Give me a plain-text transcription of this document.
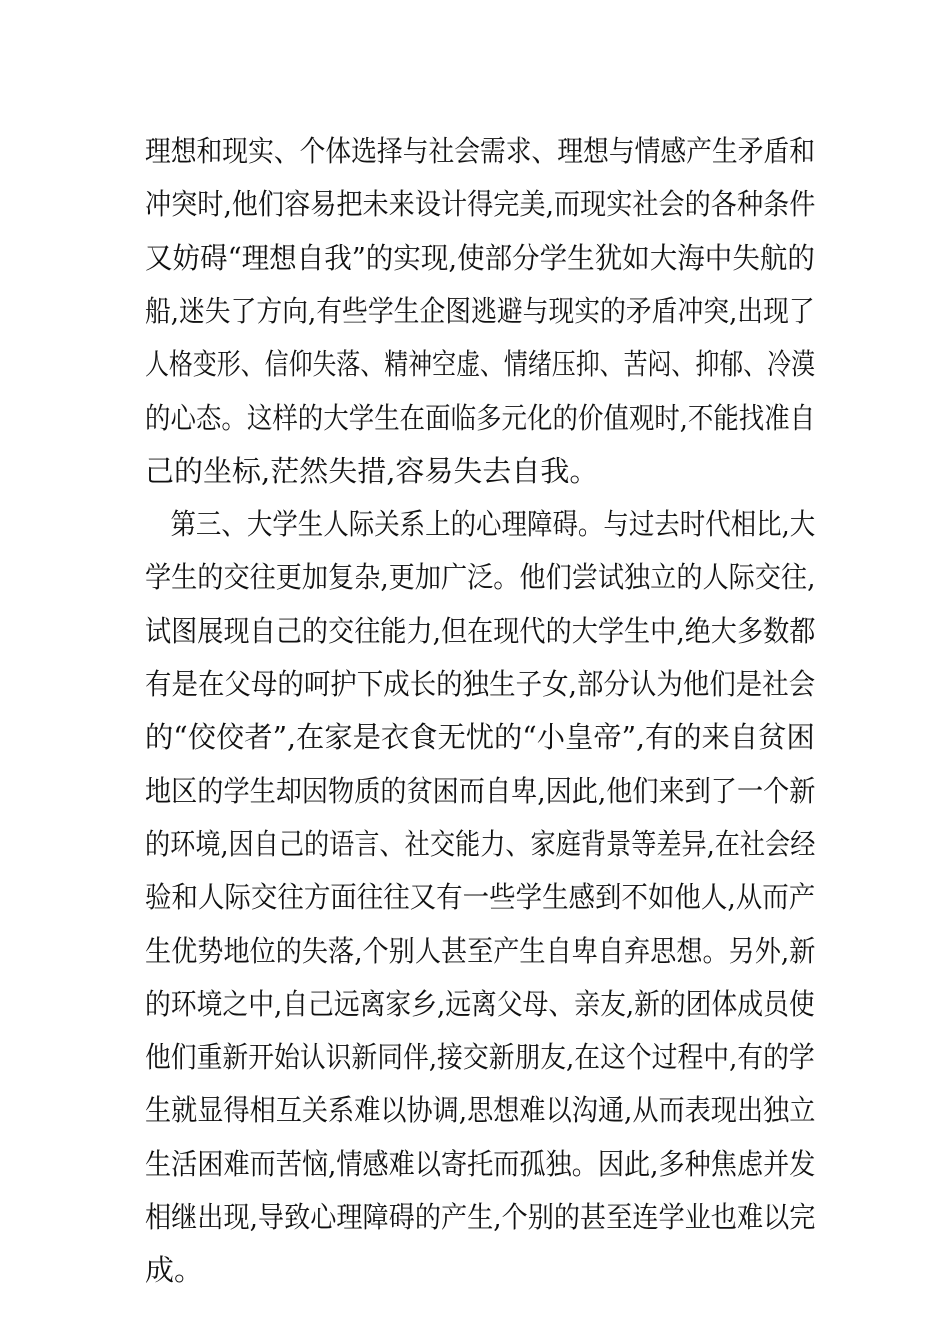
理想和现实、个体选择与社会需求、理想与情感产生矛盾和
冲突时,他们容易把未来设计得完美,而现实社会的各种条件
又妨碍“理想自我”的实现,使部分学生犹如大海中失航的
船,迷失了方向,有些学生企图逃避与现实的矛盾冲突,出现了
人格变形、信仰失落、精神空虚、情绪压抑、苦闷、抑郁、冷漠
的心态。这样的大学生在面临多元化的价值观时,不能找准自
己的坐标,茫然失措,容易失去自我。
　第三、大学生人际关系上的心理障碍。与过去时代相比,大
学生的交往更加复杂,更加广泛。他们尝试独立的人际交往,
试图展现自己的交往能力,但在现代的大学生中,绝大多数都
有是在父母的呵护下成长的独生子女,部分认为他们是社会
的“佼佼者”,在家是衣食无忧的“小皇帝”,有的来自贫困
地区的学生却因物质的贫困而自卑,因此,他们来到了一个新
的环境,因自己的语言、社交能力、家庭背景等差异,在社会经
验和人际交往方面往往又有一些学生感到不如他人,从而产
生优势地位的失落,个别人甚至产生自卑自弃思想。另外,新
的环境之中,自己远离家乡,远离父母、亲友,新的团体成员使
他们重新开始认识新同伴,接交新朋友,在这个过程中,有的学
生就显得相互关系难以协调,思想难以沟通,从而表现出独立
生活困难而苦恼,情感难以寄托而孤独。因此,多种焦虑并发
相继出现,导致心理障碍的产生,个别的甚至连学业也难以完
成。
